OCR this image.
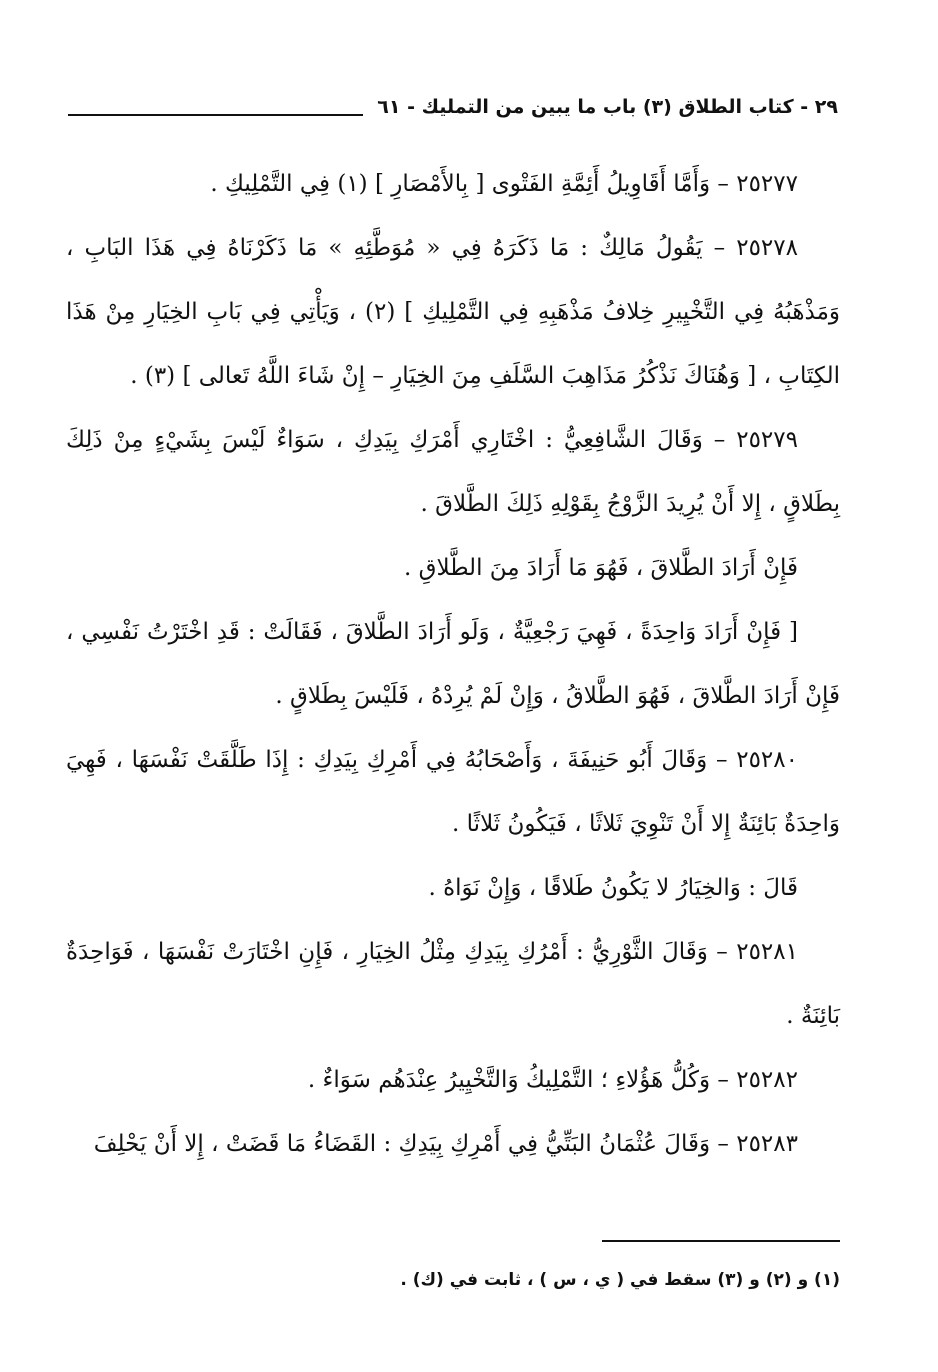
٢٩ - كتاب الطلاق (٣) باب ما يبين من التمليك - ٦١

٢٥٢٧٧ – وَأَمَّا أَقَاوِيلُ أَئِمَّةِ الفَتْوى [ بِالأَمْصَارِ ] (١) فِي التَّمْلِيكِ .

٢٥٢٧٨ – يَقُولُ مَالِكٌ : مَا ذَكَرَهُ فِي « مُوَطَّئِهِ » مَا ذَكَرْنَاهُ فِي هَذَا البَابِ ، وَمَذْهَبُهُ فِي التَّخْيِيرِ خِلافُ مَذْهَبِهِ فِي التَّمْلِيكِ ] (٢) ، وَيَأْتِي فِي بَابِ الخِيَارِ مِنْ هَذَا الكِتَابِ ، [ وَهُنَاكَ نَذْكُرُ مَذَاهِبَ السَّلَفِ مِنَ الخِيَارِ – إِنْ شَاءَ اللَّهُ تَعالى ] (٣) .

٢٥٢٧٩ – وَقَالَ الشَّافِعِيُّ : اخْتَارِي أَمْرَكِ بِيَدِكِ ، سَوَاءٌ لَيْسَ بِشَيْءٍ مِنْ ذَلِكَ بِطَلاقٍ ، إِلا أَنْ يُرِيدَ الزَّوْجُ بِقَوْلِهِ ذَلِكَ الطَّلاقَ .

فَإِنْ أَرَادَ الطَّلاقَ ، فَهُوَ مَا أَرَادَ مِنَ الطَّلاقِ .

[ فَإِنْ أَرَادَ وَاحِدَةً ، فَهِيَ رَجْعِيَّةٌ ، وَلَو أَرَادَ الطَّلاقَ ، فَقَالَتْ : قَدِ اخْتَرْتُ نَفْسِي ، فَإِنْ أَرَادَ الطَّلاقَ ، فَهُوَ الطَّلاقُ ، وَإِنْ لَمْ يُرِدْهُ ، فَلَيْسَ بِطَلاقٍ .

٢٥٢٨٠ – وَقَالَ أَبُو حَنِيفَةَ ، وَأَصْحَابُهُ فِي أَمْرِكِ بِيَدِكِ : إِذَا طَلَّقَتْ نَفْسَهَا ، فَهِيَ وَاحِدَةٌ بَائِنَةٌ إِلا أَنْ تَنْوِيَ ثَلاثًا ، فَيَكُونُ ثَلاثًا .

قَالَ : وَالخِيَارُ لا يَكُونُ طَلاقًا ، وَإِنْ نَوَاهُ .

٢٥٢٨١ – وَقَالَ الثَّوْرِيُّ : أَمْرُكِ بِيَدِكِ مِثْلُ الخِيَارِ ، فَإِنِ اخْتَارَتْ نَفْسَهَا ، فَوَاحِدَةٌ بَائِنَةٌ .

٢٥٢٨٢ – وَكُلُّ هَؤُلاءِ ؛ التَّمْلِيكُ وَالتَّخْيِيرُ عِنْدَهُم سَوَاءٌ .

٢٥٢٨٣ – وَقَالَ عُثْمَانُ البَتِّيُّ فِي أَمْرِكِ بِيَدِكِ : القَضَاءُ مَا قَضَتْ ، إِلا أَنْ يَحْلِفَ

(١) و (٢) و (٣) سقط في ( ي ، س ) ، ثابت في (ك) .
